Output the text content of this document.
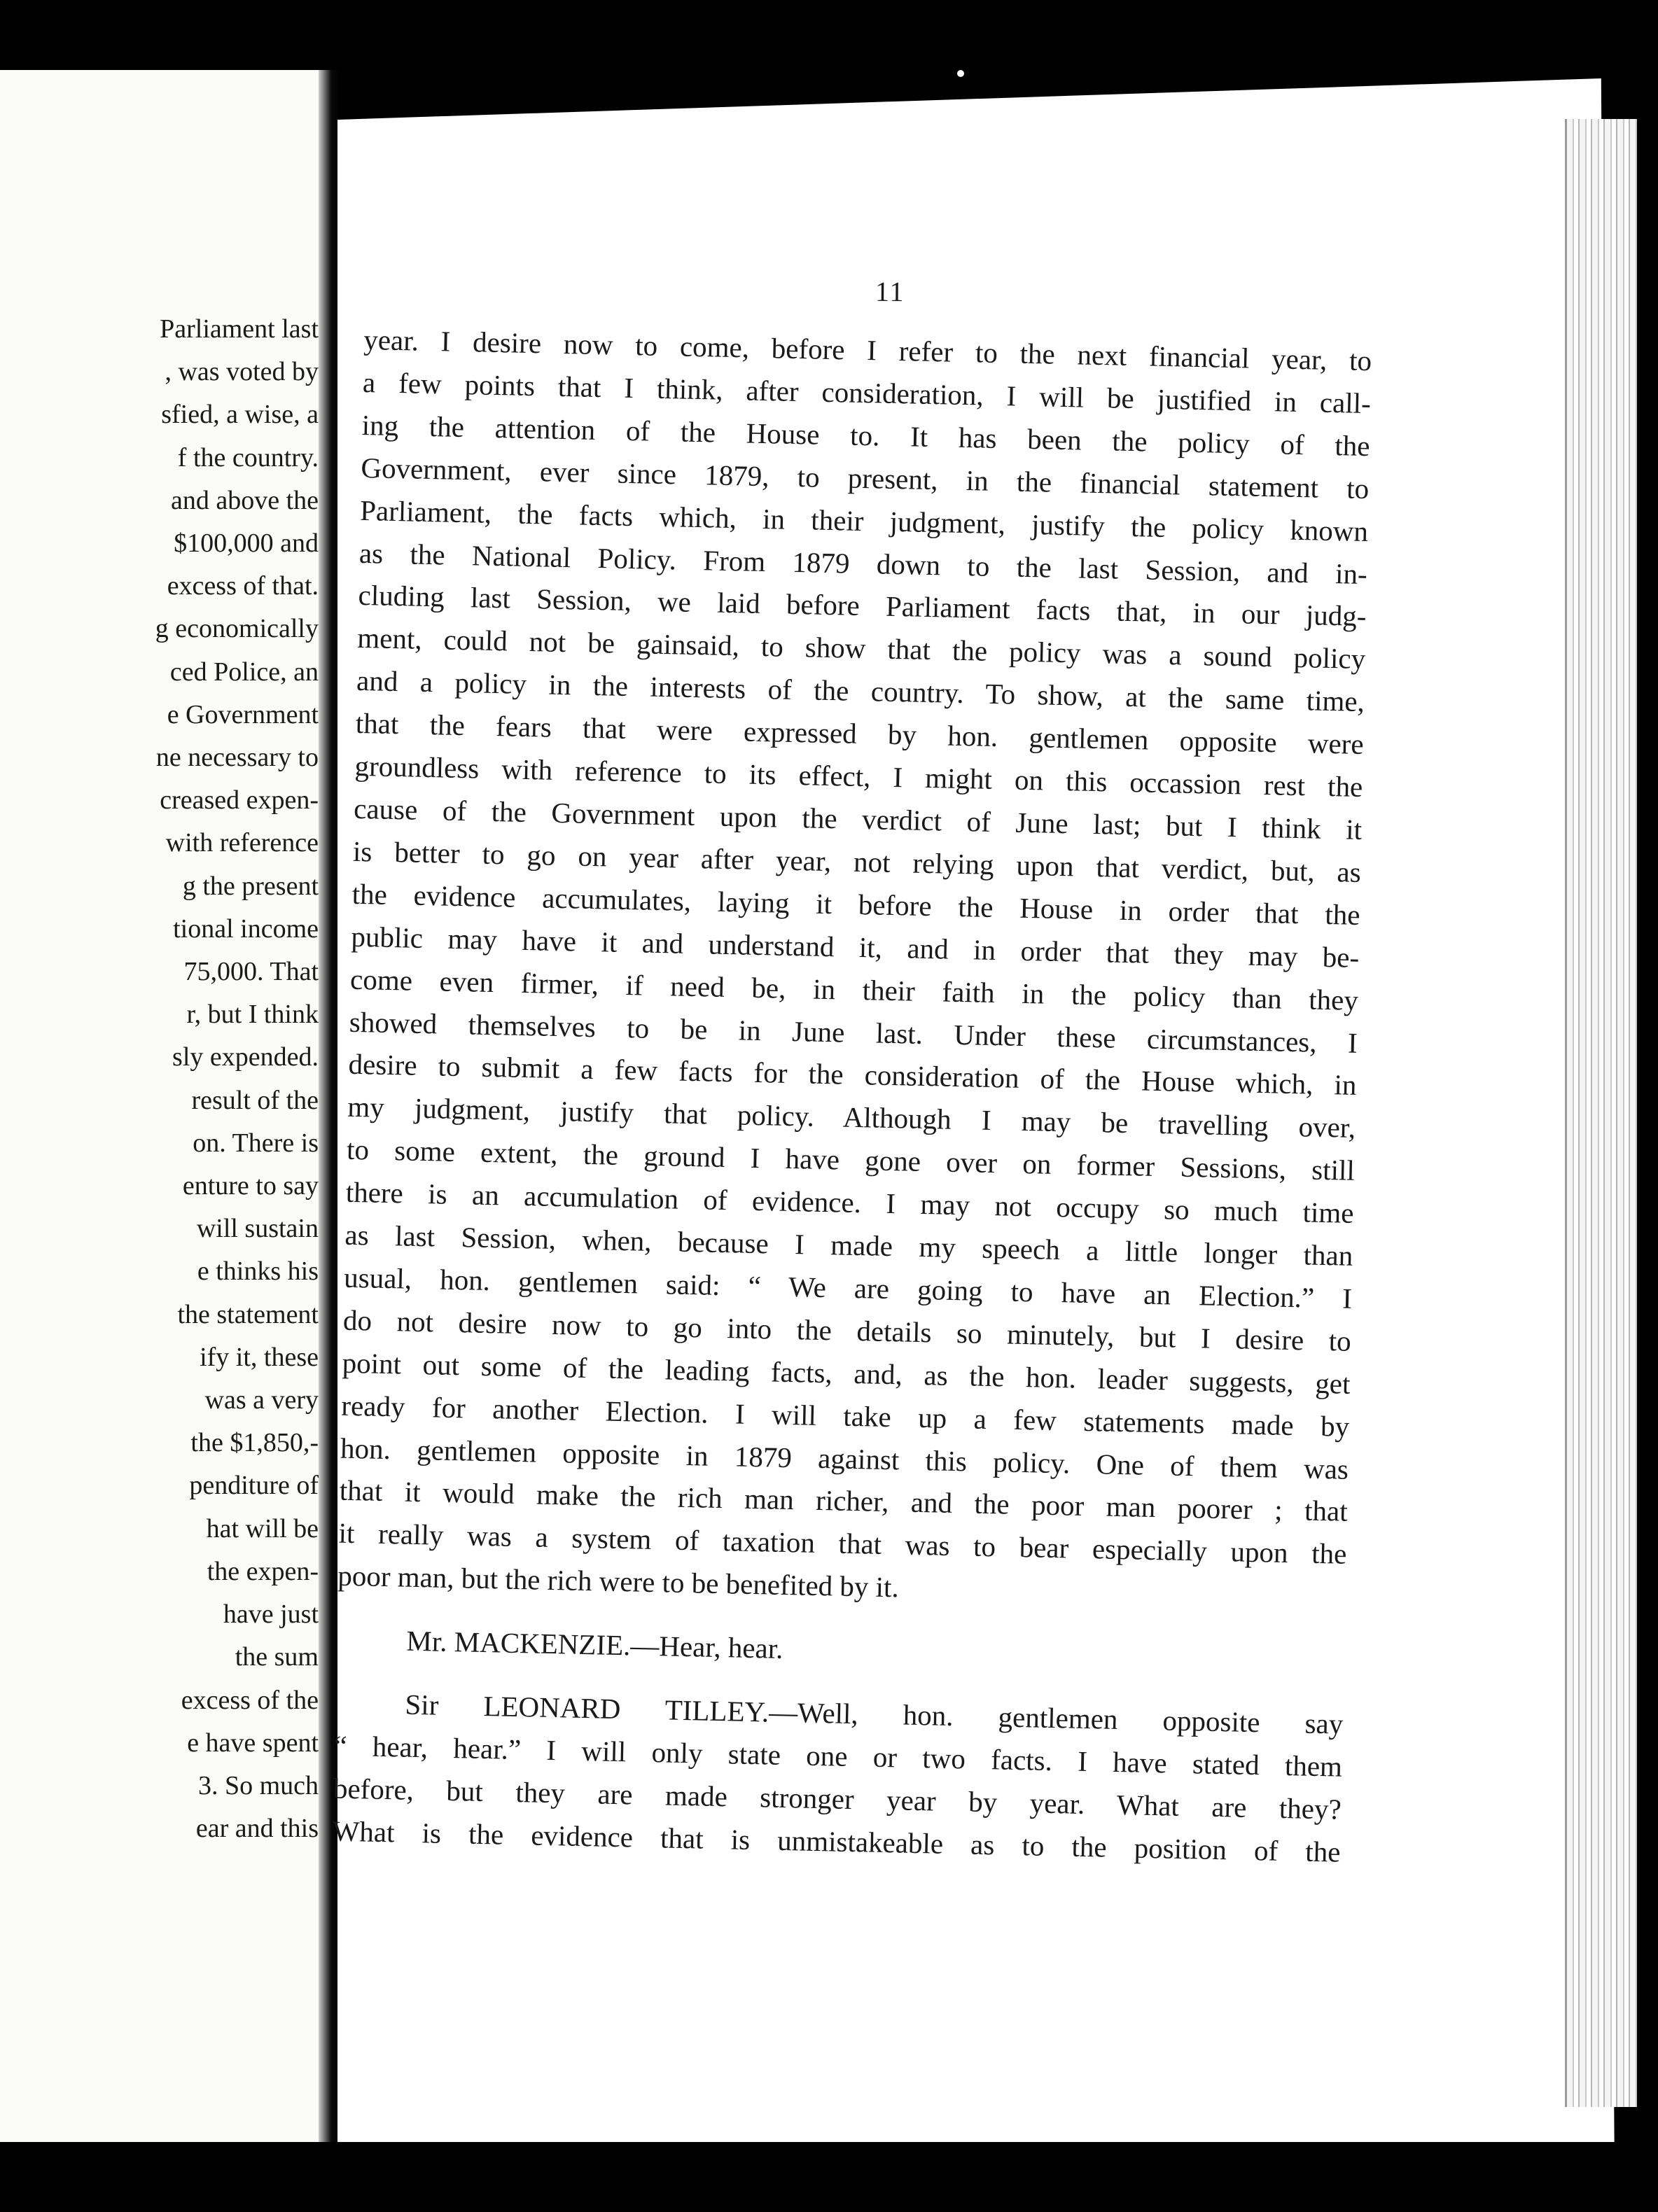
Parliament last
, was voted by
sfied, a wise, a
f the country.
and above the
$100,000 and
excess of that.
g economically
ced Police, an
e Government
ne necessary to
creased expen-
with reference
g the present
tional income
75,000. That
r, but I think
sly expended.
result of the
on. There is
enture to say
will sustain
e thinks his
the statement
ify it, these
was a very
the $1,850,-
penditure of
hat will be
the expen-
have just
the sum
excess of the
e have spent
3. So much
ear and this
11
year. I desire now to come, before I refer to the next financial year, to
a few points that I think, after consideration, I will be justified in call-
ing the attention of the House to. It has been the policy of the
Government, ever since 1879, to present, in the financial statement to
Parliament, the facts which, in their judgment, justify the policy known
as the National Policy. From 1879 down to the last Session, and in-
cluding last Session, we laid before Parliament facts that, in our judg-
ment, could not be gainsaid, to show that the policy was a sound policy
and a policy in the interests of the country. To show, at the same time,
that the fears that were expressed by hon. gentlemen opposite were
groundless with reference to its effect, I might on this occassion rest the
cause of the Government upon the verdict of June last; but I think it
is better to go on year after year, not relying upon that verdict, but, as
the evidence accumulates, laying it before the House in order that the
public may have it and understand it, and in order that they may be-
come even firmer, if need be, in their faith in the policy than they
showed themselves to be in June last. Under these circumstances, I
desire to submit a few facts for the consideration of the House which, in
my judgment, justify that policy. Although I may be travelling over,
to some extent, the ground I have gone over on former Sessions, still
there is an accumulation of evidence. I may not occupy so much time
as last Session, when, because I made my speech a little longer than
usual, hon. gentlemen said: “ We are going to have an Election.” I
do not desire now to go into the details so minutely, but I desire to
point out some of the leading facts, and, as the hon. leader suggests, get
ready for another Election. I will take up a few statements made by
hon. gentlemen opposite in 1879 against this policy. One of them was
that it would make the rich man richer, and the poor man poorer ; that
it really was a system of taxation that was to bear especially upon the
poor man, but the rich were to be benefited by it.
Mr. MACKENZIE.—Hear, hear.
Sir LEONARD TILLEY.—Well, hon. gentlemen opposite say
“ hear, hear.” I will only state one or two facts. I have stated them
before, but they are made stronger year by year. What are they?
What is the evidence that is unmistakeable as to the position of the
